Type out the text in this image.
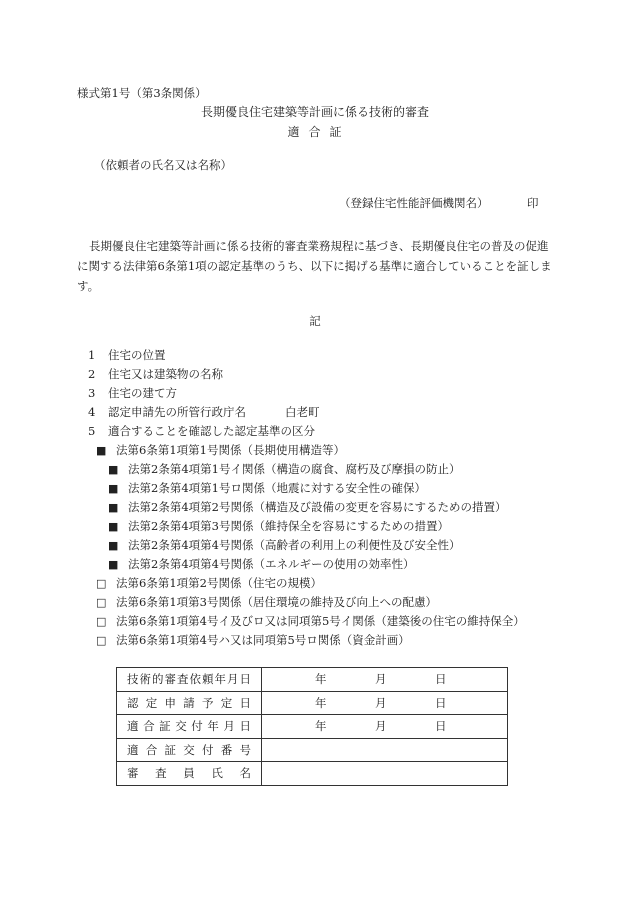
様式第1号（第3条関係）
長期優良住宅建築等計画に係る技術的審査
適合証
（依頼者の氏名又は名称）
（登録住宅性能評価機関名）	印
長期優良住宅建築等計画に係る技術的審査業務規程に基づき、長期優良住宅の普及の促進に関する法律第6条第1項の認定基準のうち、以下に掲げる基準に適合していることを証します。
記
1 住宅の位置
2 住宅又は建築物の名称
3 住宅の建て方
4 認定申請先の所管行政庁名	白老町
5 適合することを確認した認定基準の区分
■ 法第6条第1項第1号関係（長期使用構造等）
■ 法第2条第4項第1号イ関係（構造の腐食、腐朽及び摩損の防止）
■ 法第2条第4項第1号ロ関係（地震に対する安全性の確保）
■ 法第2条第4項第2号関係（構造及び設備の変更を容易にするための措置）
■ 法第2条第4項第3号関係（維持保全を容易にするための措置）
■ 法第2条第4項第4号関係（高齢者の利用上の利便性及び安全性）
■ 法第2条第4項第4号関係（エネルギーの使用の効率性）
□ 法第6条第1項第2号関係（住宅の規模）
□ 法第6条第1項第3号関係（居住環境の維持及び向上への配慮）
□ 法第6条第1項第4号イ及びロ又は同項第5号イ関係（建築後の住宅の維持保全）
□ 法第6条第1項第4号ハ又は同項第5号ロ関係（資金計画）
技術的審査依頼年月日	年 月 日

認定申請予定日	年 月 日

適合証交付年月日	年 月 日

適合証交付番号	
審査員氏名	
